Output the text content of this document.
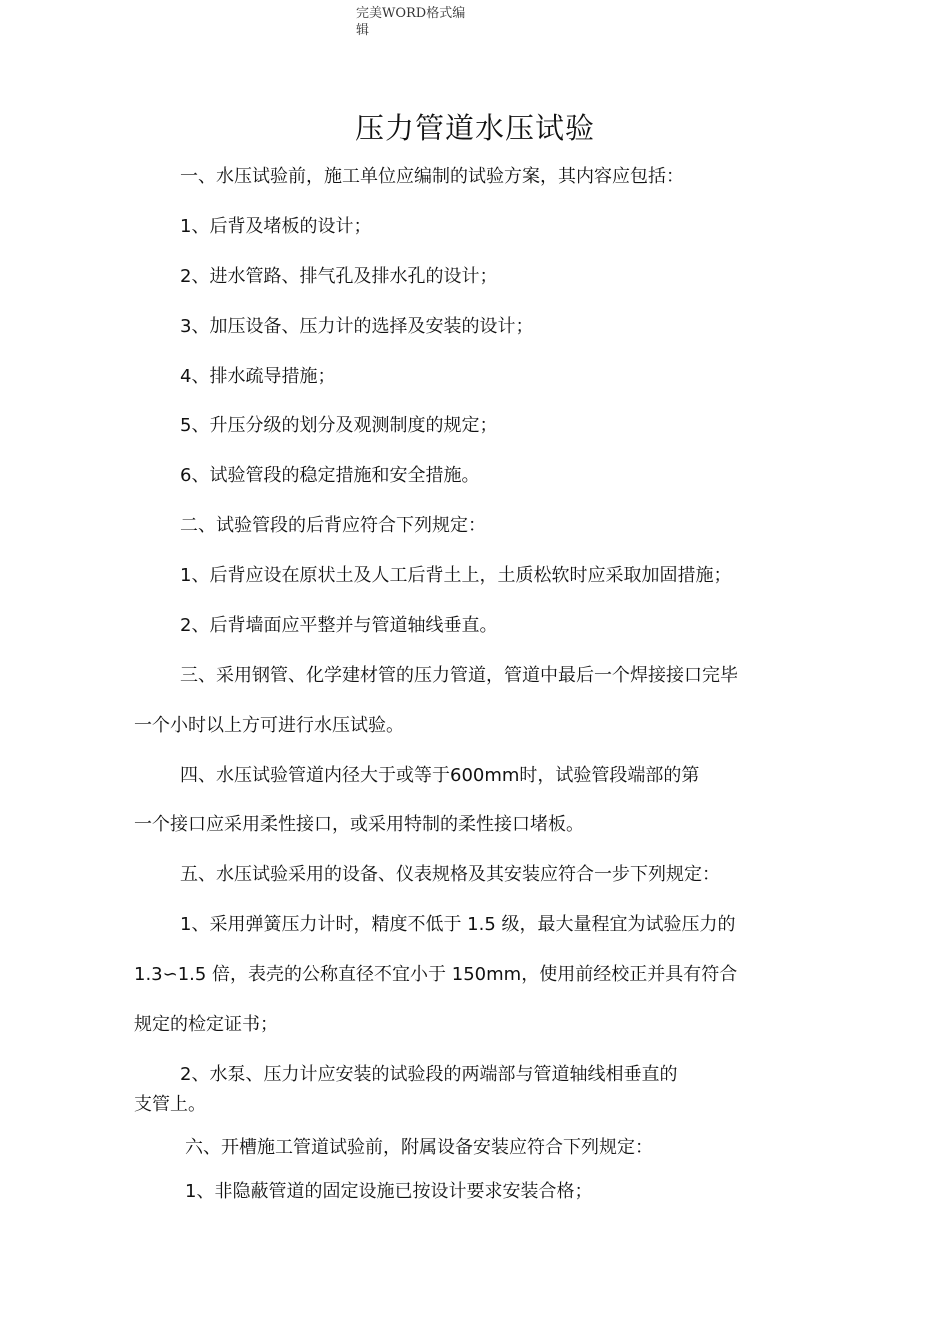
完美WORD格式编
辑
压力管道水压试验
一、水压试验前，施工单位应编制的试验方案，其内容应包括：
1、后背及堵板的设计；
2、进水管路、排气孔及排水孔的设计；
3、加压设备、压力计的选择及安装的设计；
4、排水疏导措施；
5、升压分级的划分及观测制度的规定；
6、试验管段的稳定措施和安全措施。
二、试验管段的后背应符合下列规定：
1、后背应设在原状土及人工后背土上，土质松软时应采取加固措施；
2、后背墙面应平整并与管道轴线垂直。
三、采用钢管、化学建材管的压力管道，管道中最后一个焊接接口完毕
一个小时以上方可进行水压试验。
四、水压试验管道内径大于或等于600mm时，试验管段端部的第
一个接口应采用柔性接口，或采用特制的柔性接口堵板。
五、水压试验采用的设备、仪表规格及其安装应符合一步下列规定：
1、采用弹簧压力计时，精度不低于 1.5 级，最大量程宜为试验压力的
1.3∽1.5 倍，表壳的公称直径不宜小于 150mm，使用前经校正并具有符合
规定的检定证书；
2、水泵、压力计应安装的试验段的两端部与管道轴线相垂直的
支管上。
六、开槽施工管道试验前，附属设备安装应符合下列规定：
1、非隐蔽管道的固定设施已按设计要求安装合格；
